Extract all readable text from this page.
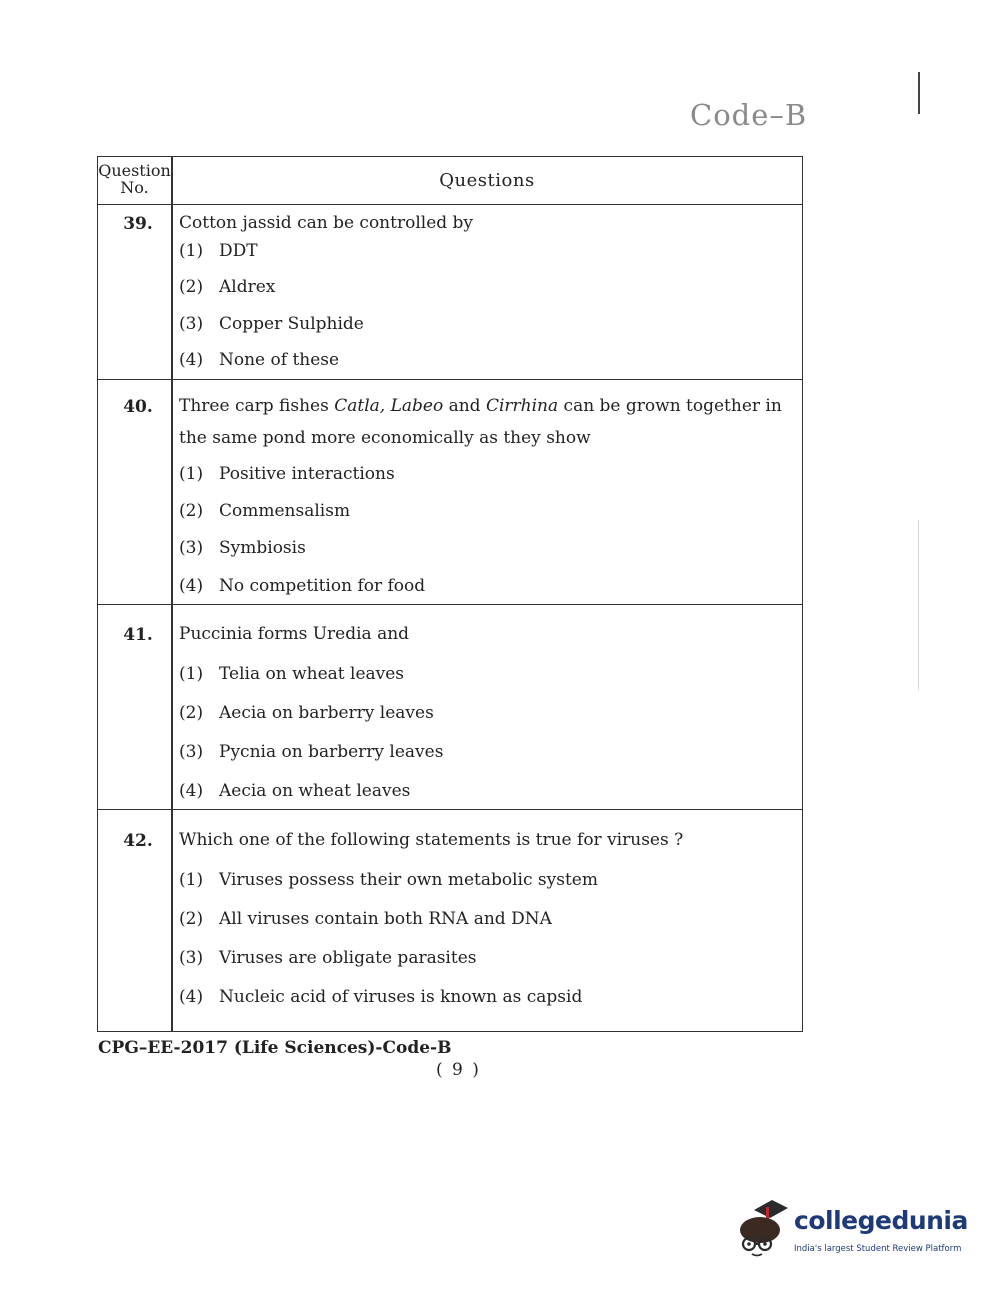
Code–B
Question No.	Questions
39.	Cotton jassid can be controlled by
(1) DDT
(2) Aldrex
(3) Copper Sulphide
(4) None of these
40.	Three carp fishes Catla, Labeo and Cirrhina can be grown together in the same pond more economically as they show
(1) Positive interactions
(2) Commensalism
(3) Symbiosis
(4) No competition for food
41.	Puccinia forms Uredia and
(1) Telia on wheat leaves
(2) Aecia on barberry leaves
(3) Pycnia on barberry leaves
(4) Aecia on wheat leaves
42.	Which one of the following statements is true for viruses ?
(1) Viruses possess their own metabolic system
(2) All viruses contain both RNA and DNA
(3) Viruses are obligate parasites
(4) Nucleic acid of viruses is known as capsid
CPG–EE-2017 (Life Sciences)-Code-B
( 9 )
collegedunia
India's largest Student Review Platform
